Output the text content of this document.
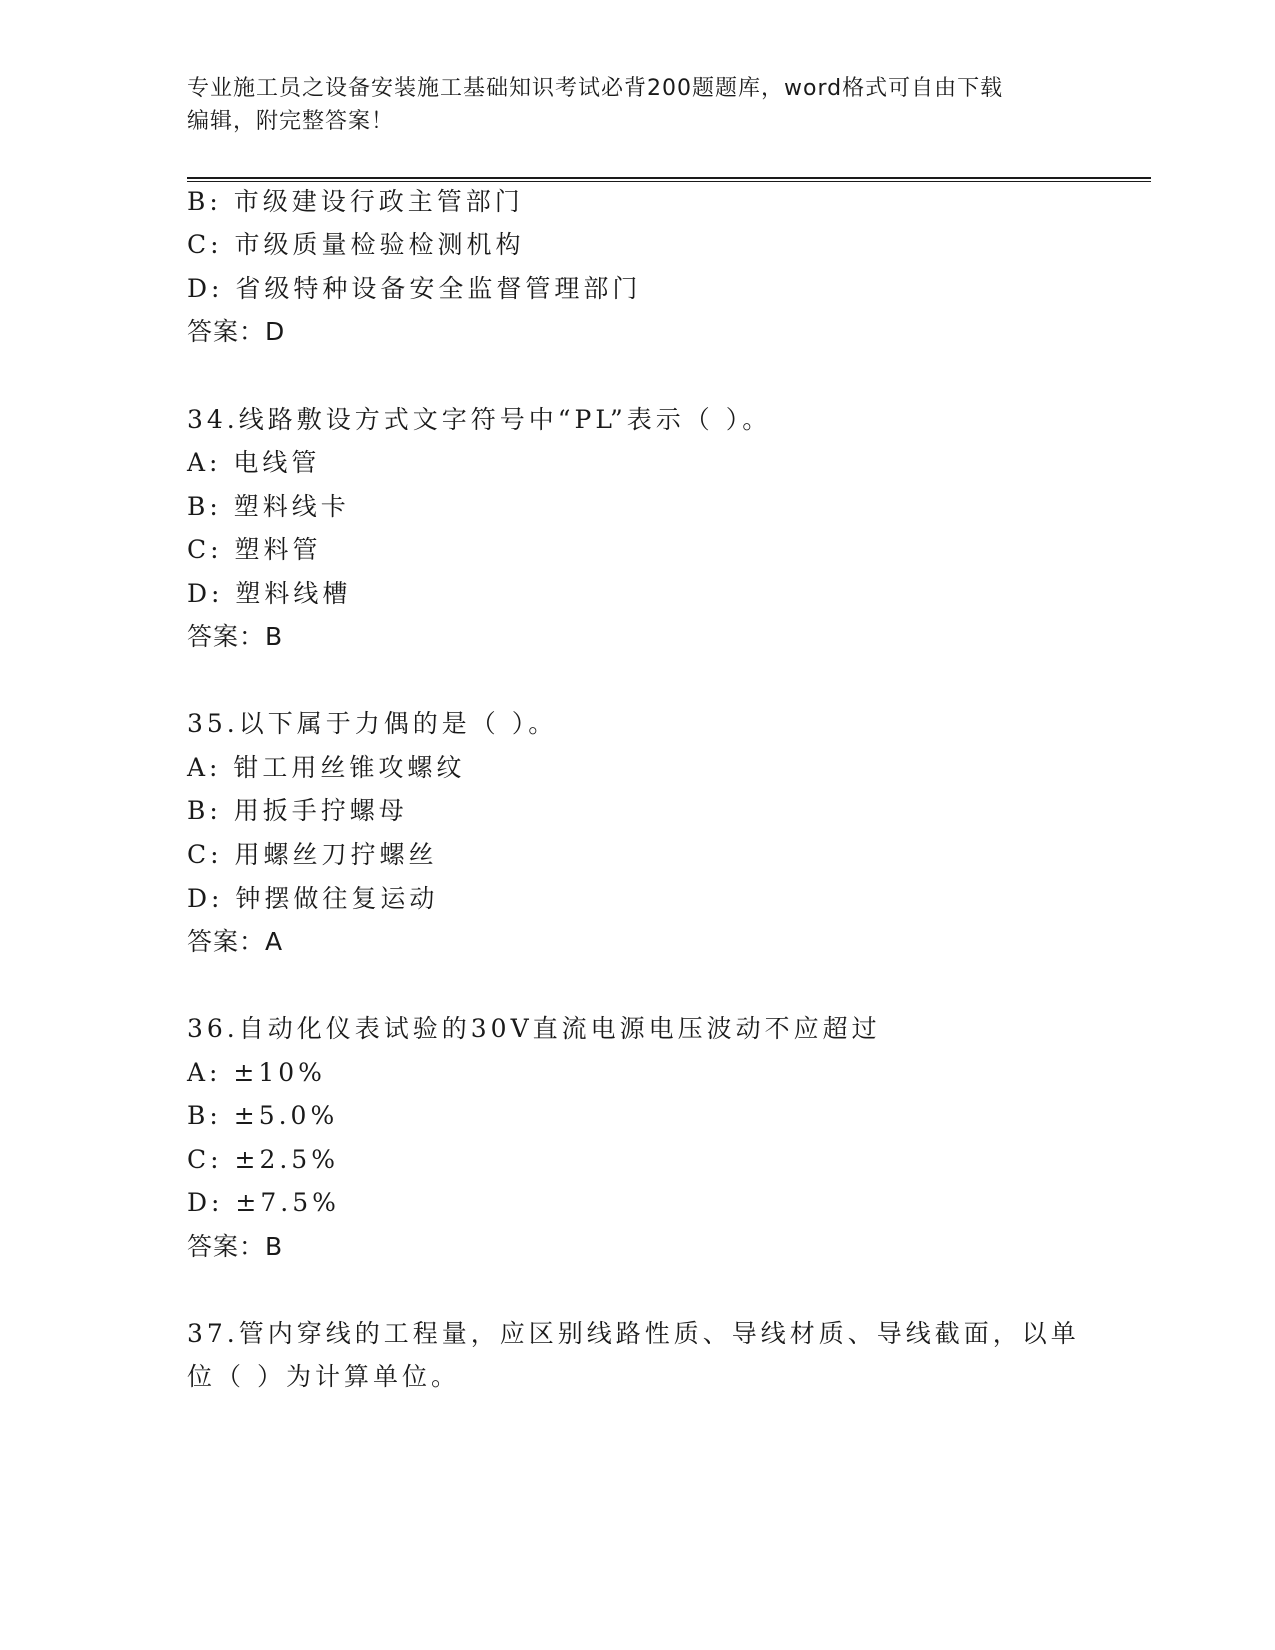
专业施工员之设备安装施工基础知识考试必背200题题库，word格式可自由下载
编辑，附完整答案！
B: 市级建设行政主管部门
C: 市级质量检验检测机构
D: 省级特种设备安全监督管理部门
答案：D
34.线路敷设方式文字符号中“PL”表示（ ）。
A: 电线管
B: 塑料线卡
C: 塑料管
D: 塑料线槽
答案：B
35.以下属于力偶的是（ ）。
A: 钳工用丝锥攻螺纹
B: 用扳手拧螺母
C: 用螺丝刀拧螺丝
D: 钟摆做往复运动
答案：A
36.自动化仪表试验的30V直流电源电压波动不应超过
A: ±10%
B: ±5.0%
C: ±2.5%
D: ±7.5%
答案：B
37.管内穿线的工程量，应区别线路性质、导线材质、导线截面，以单
位（ ）为计算单位。
